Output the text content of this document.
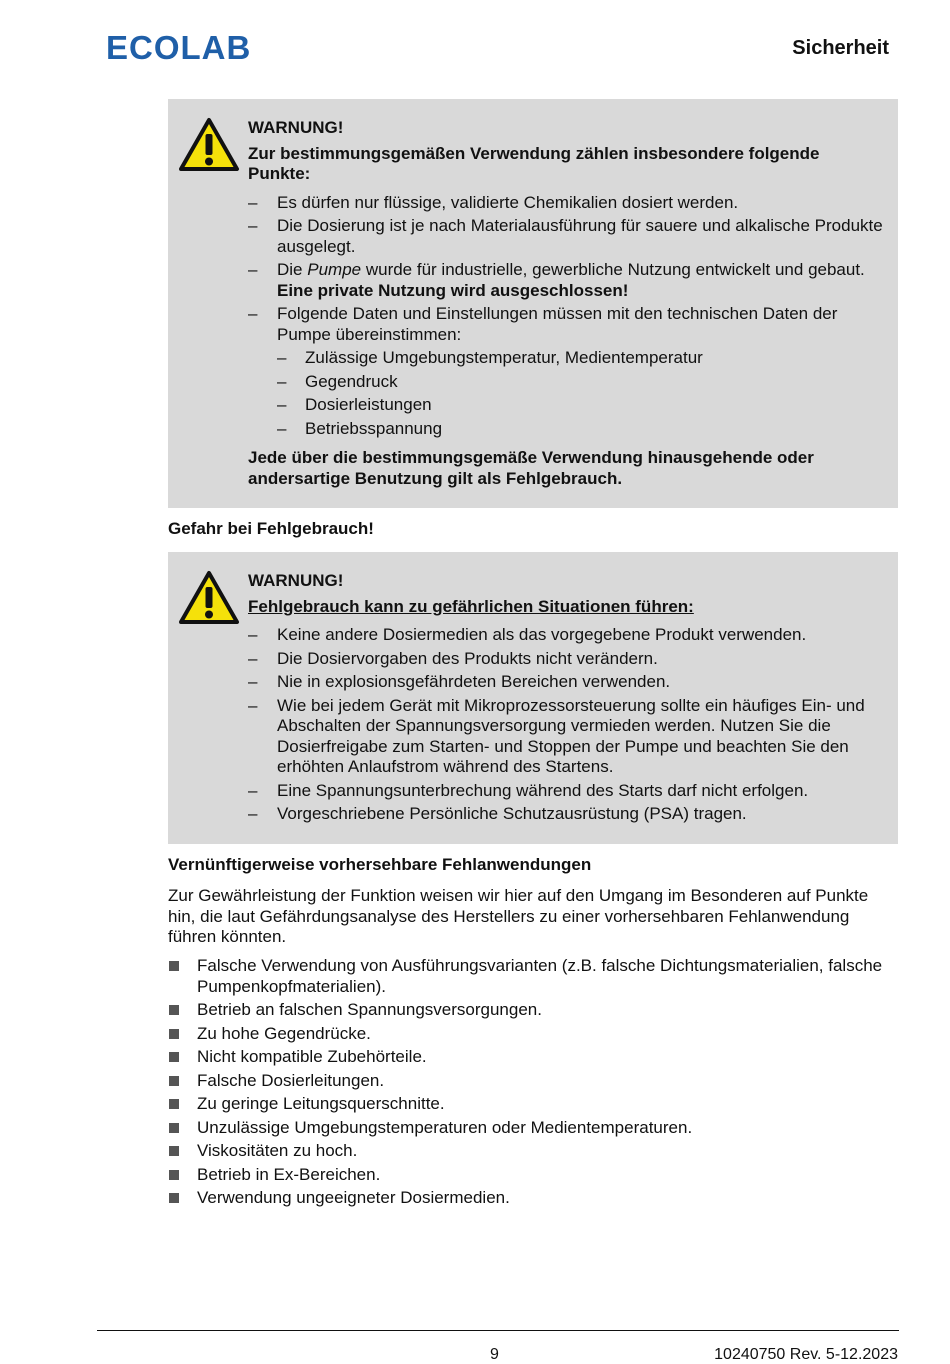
ECOLAB	Sicherheit
WARNUNG!
Zur bestimmungsgemäßen Verwendung zählen insbesondere folgende Punkte:
– Es dürfen nur flüssige, validierte Chemikalien dosiert werden.
– Die Dosierung ist je nach Materialausführung für sauere und alkalische Produkte ausgelegt.
– Die Pumpe wurde für industrielle, gewerbliche Nutzung entwickelt und gebaut. Eine private Nutzung wird ausgeschlossen!
– Folgende Daten und Einstellungen müssen mit den technischen Daten der Pumpe übereinstimmen:
– Zulässige Umgebungstemperatur, Medientemperatur
– Gegendruck
– Dosierleistungen
– Betriebsspannung
Jede über die bestimmungsgemäße Verwendung hinausgehende oder andersartige Benutzung gilt als Fehlgebrauch.
Gefahr bei Fehlgebrauch!
WARNUNG!
Fehlgebrauch kann zu gefährlichen Situationen führen:
– Keine andere Dosiermedien als das vorgegebene Produkt verwenden.
– Die Dosiervorgaben des Produkts nicht verändern.
– Nie in explosionsgefährdeten Bereichen verwenden.
– Wie bei jedem Gerät mit Mikroprozessorsteuerung sollte ein häufiges Ein- und Abschalten der Spannungsversorgung vermieden werden. Nutzen Sie die Dosierfreigabe zum Starten- und Stoppen der Pumpe und beachten Sie den erhöhten Anlaufstrom während des Startens.
– Eine Spannungsunterbrechung während des Starts darf nicht erfolgen.
– Vorgeschriebene Persönliche Schutzausrüstung (PSA) tragen.
Vernünftigerweise vorhersehbare Fehlanwendungen
Zur Gewährleistung der Funktion weisen wir hier auf den Umgang im Besonderen auf Punkte hin, die laut Gefährdungsanalyse des Herstellers zu einer vorhersehbaren Fehlanwendung führen könnten.
Falsche Verwendung von Ausführungsvarianten (z.B. falsche Dichtungsmaterialien, falsche Pumpenkopfmaterialien).
Betrieb an falschen Spannungsversorgungen.
Zu hohe Gegendrücke.
Nicht kompatible Zubehörteile.
Falsche Dosierleitungen.
Zu geringe Leitungsquerschnitte.
Unzulässige Umgebungstemperaturen oder Medientemperaturen.
Viskositäten zu hoch.
Betrieb in Ex-Bereichen.
Verwendung ungeeigneter Dosiermedien.
9	10240750 Rev. 5-12.2023
